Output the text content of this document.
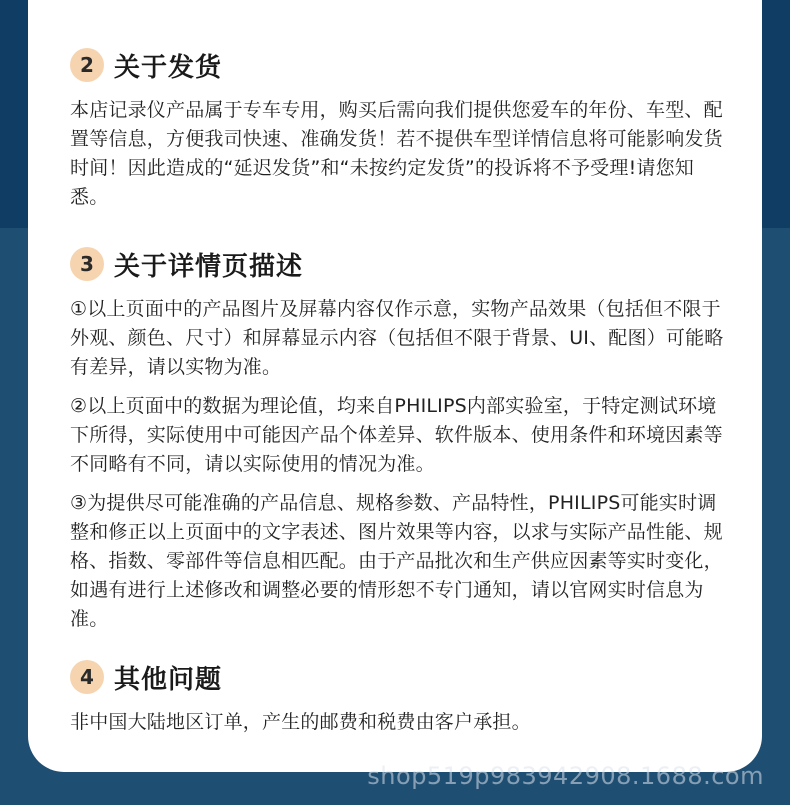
2 关于发货

本店记录仪产品属于专车专用，购买后需向我们提供您爱车的年份、车型、配置等信息，方便我司快速、准确发货！若不提供车型详情信息将可能影响发货时间！因此造成的“延迟发货”和“未按约定发货”的投诉将不予受理!请您知悉。

3 关于详情页描述

①以上页面中的产品图片及屏幕内容仅作示意，实物产品效果（包括但不限于外观、颜色、尺寸）和屏幕显示内容（包括但不限于背景、UI、配图）可能略有差异，请以实物为准。

②以上页面中的数据为理论值，均来自PHILIPS内部实验室，于特定测试环境下所得，实际使用中可能因产品个体差异、软件版本、使用条件和环境因素等不同略有不同，请以实际使用的情况为准。

③为提供尽可能准确的产品信息、规格参数、产品特性，PHILIPS可能实时调整和修正以上页面中的文字表述、图片效果等内容，以求与实际产品性能、规格、指数、零部件等信息相匹配。由于产品批次和生产供应因素等实时变化，如遇有进行上述修改和调整必要的情形恕不专门通知，请以官网实时信息为准。

4 其他问题

非中国大陆地区订单，产生的邮费和税费由客户承担。

shop519p983942908.1688.com
